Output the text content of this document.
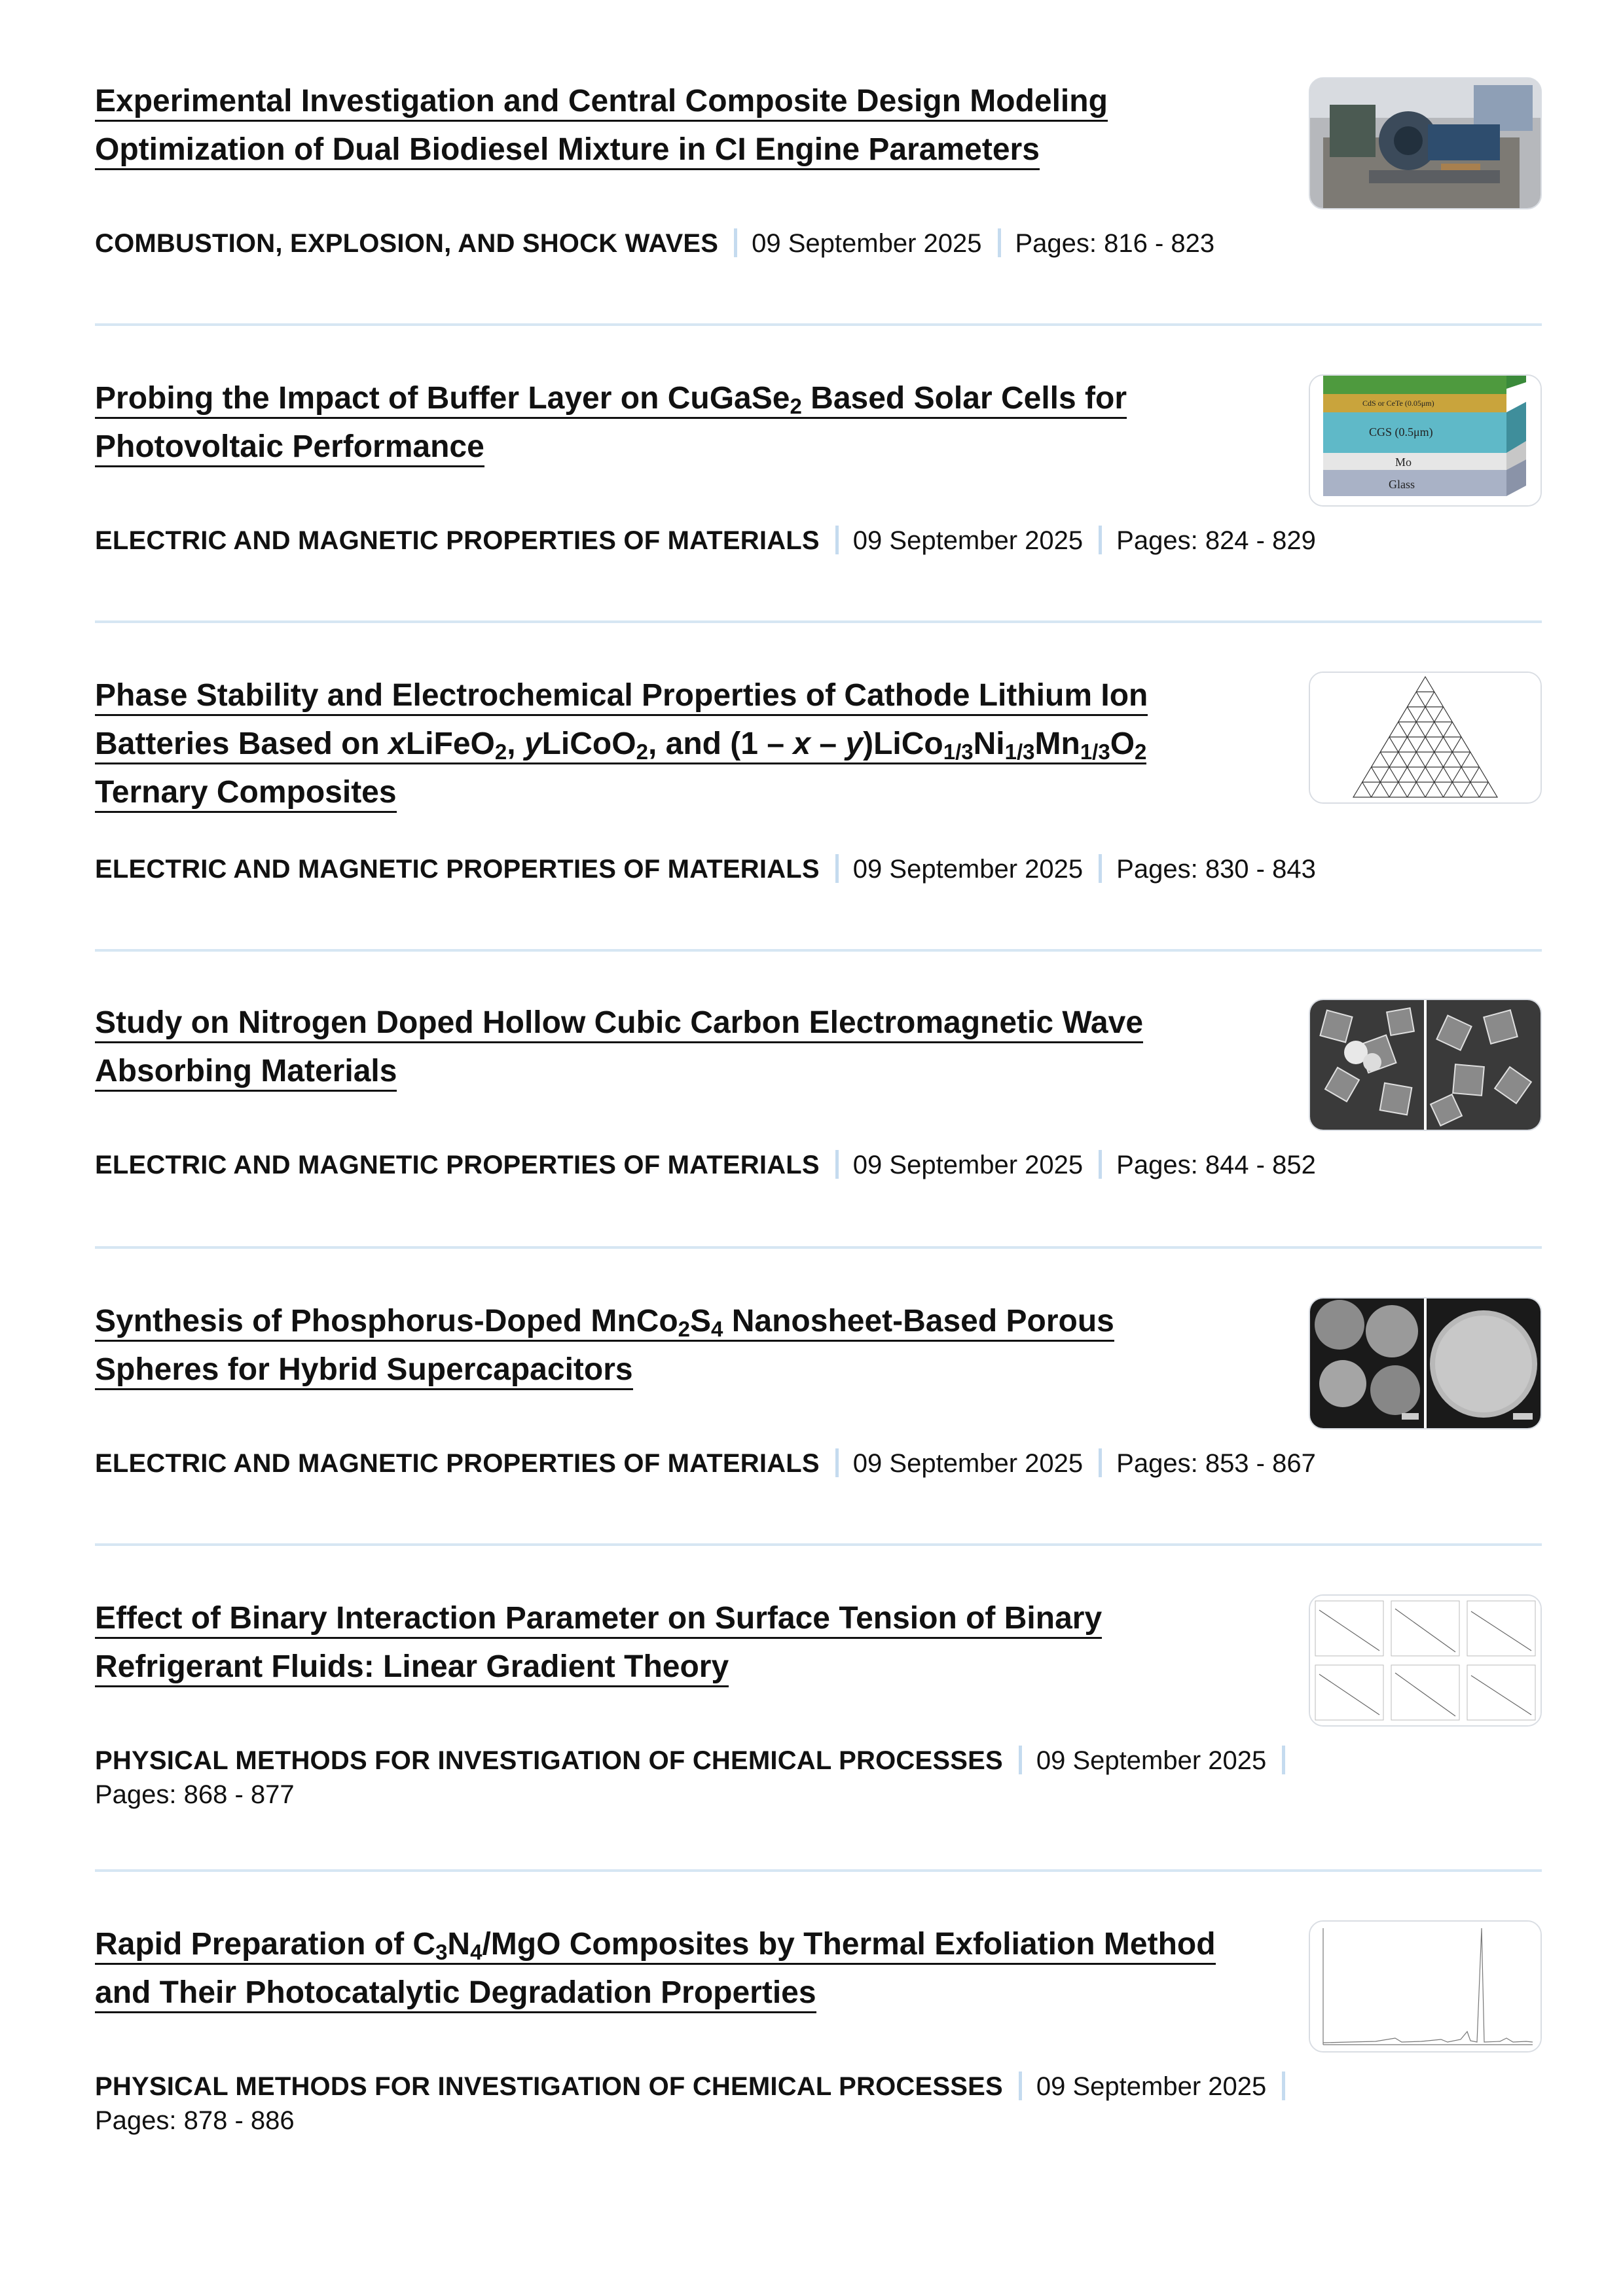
Experimental Investigation and Central Composite Design Modeling Optimization of Dual Biodiesel Mixture in CI Engine Parameters
COMBUSTION, EXPLOSION, AND SHOCK WAVES 09 September 2025 Pages: 816 - 823
Probing the Impact of Buffer Layer on CuGaSe$_2$ Based Solar Cells for Photovoltaic Performance
CdS or CeTe (0.05μm)
CGS (0.5μm)
Mo
Glass
ELECTRIC AND MAGNETIC PROPERTIES OF MATERIALS 09 September 2025 Pages: 824 - 829
Phase Stability and Electrochemical Properties of Cathode Lithium Ion Batteries Based on xLiFeO$_2$, yLiCoO$_2$, and (1 – x – $y)LiCo_{1/3}Ni_{1/3}Mn_{1/3}O_2$ Ternary Composites
ELECTRIC AND MAGNETIC PROPERTIES OF MATERIALS 09 September 2025 Pages: 830 - 843
Study on Nitrogen Doped Hollow Cubic Carbon Electromagnetic Wave Absorbing Materials
ELECTRIC AND MAGNETIC PROPERTIES OF MATERIALS 09 September 2025 Pages: 844 - 852
Synthesis of Phosphorus-Doped $MnCo_2S_4$ Nanosheet-Based Porous Spheres for Hybrid Supercapacitors
ELECTRIC AND MAGNETIC PROPERTIES OF MATERIALS 09 September 2025 Pages: 853 - 867
Effect of Binary Interaction Parameter on Surface Tension of Binary Refrigerant Fluids: Linear Gradient Theory
PHYSICAL METHODS FOR INVESTIGATION OF CHEMICAL PROCESSES 09 September 2025
Pages: 868 - 877
Rapid Preparation of $C_3N_4$/MgO Composites by Thermal Exfoliation Method and Their Photocatalytic Degradation Properties
PHYSICAL METHODS FOR INVESTIGATION OF CHEMICAL PROCESSES 09 September 2025
Pages: 878 - 886
